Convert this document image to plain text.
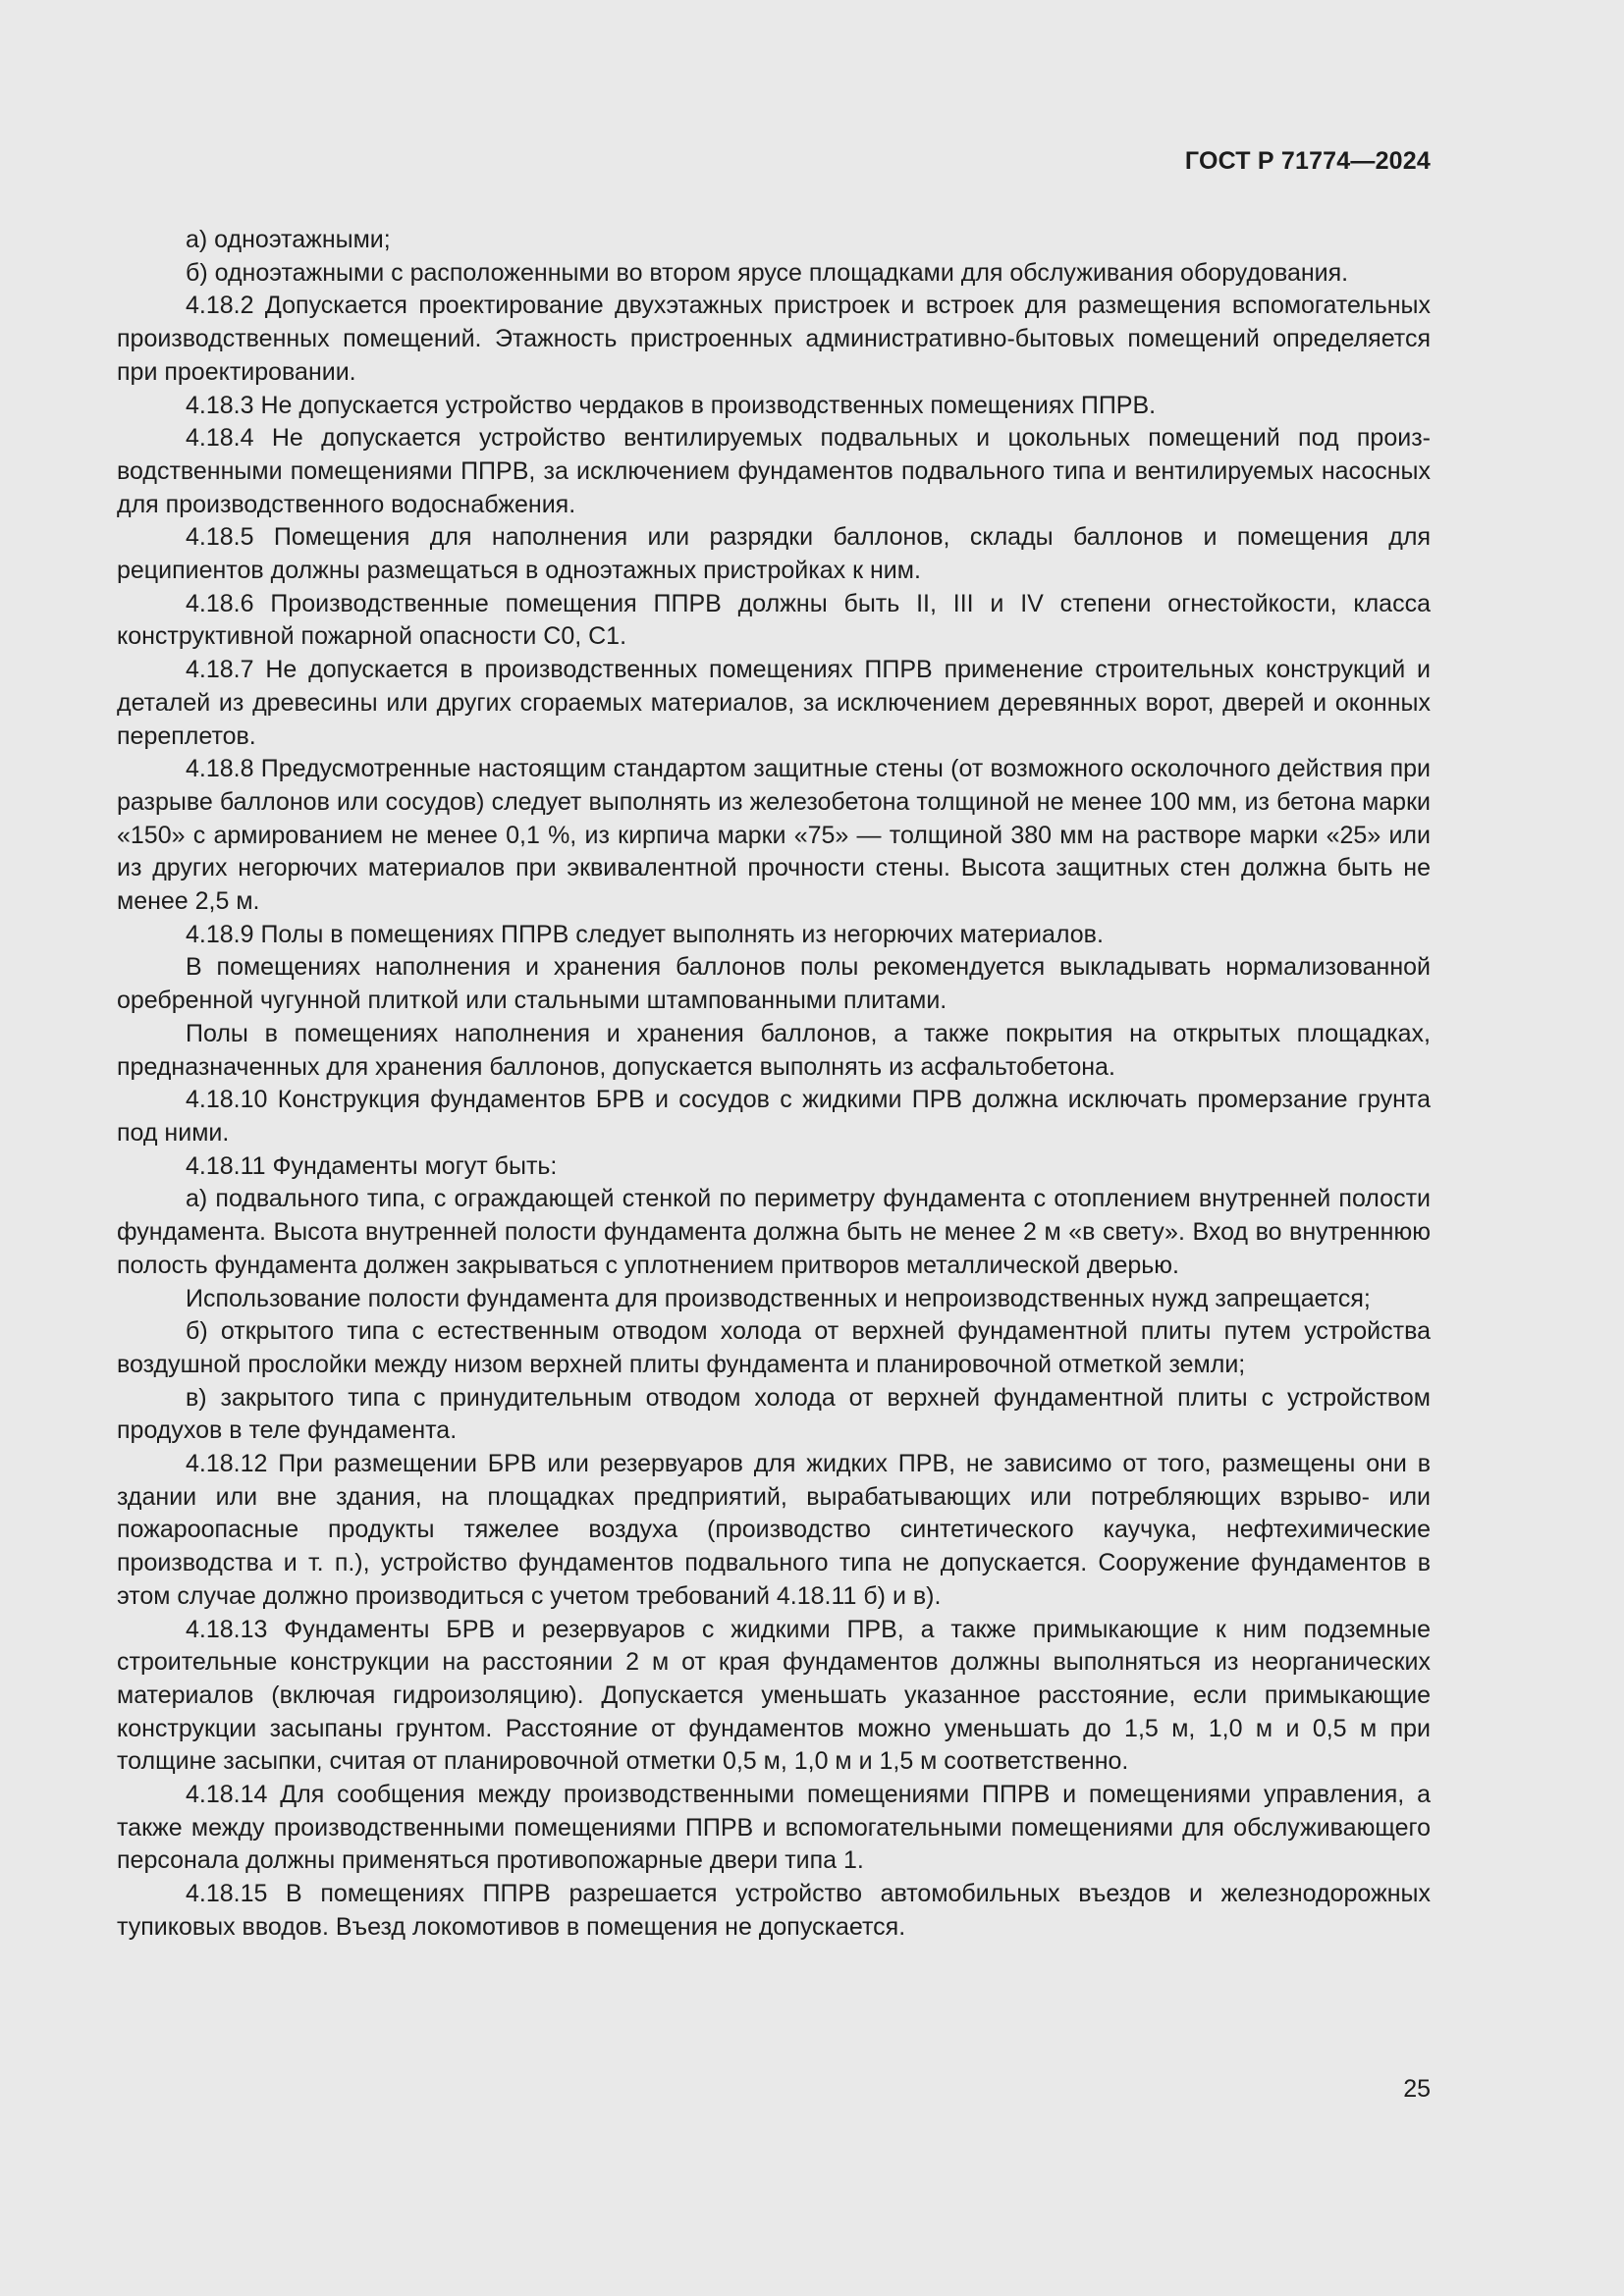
ГОСТ Р 71774—2024

а) одноэтажными;

б) одноэтажными с расположенными во втором ярусе площадками для обслуживания оборудования.

4.18.2 Допускается проектирование двухэтажных пристроек и встроек для размещения вспомогательных производственных помещений. Этажность пристроенных административно-бытовых помещений определяется при проектировании.

4.18.3 Не допускается устройство чердаков в производственных помещениях ППРВ.

4.18.4 Не допускается устройство вентилируемых подвальных и цокольных помещений под производственными помещениями ППРВ, за исключением фундаментов подвального типа и вентилируемых насосных для производственного водоснабжения.

4.18.5 Помещения для наполнения или разрядки баллонов, склады баллонов и помещения для реципиентов должны размещаться в одноэтажных пристройках к ним.

4.18.6 Производственные помещения ППРВ должны быть II, III и IV степени огнестойкости, класса конструктивной пожарной опасности С0, С1.

4.18.7 Не допускается в производственных помещениях ППРВ применение строительных конструкций и деталей из древесины или других сгораемых материалов, за исключением деревянных ворот, дверей и оконных переплетов.

4.18.8 Предусмотренные настоящим стандартом защитные стены (от возможного осколочного действия при разрыве баллонов или сосудов) следует выполнять из железобетона толщиной не менее 100 мм, из бетона марки «150» с армированием не менее 0,1 %, из кирпича марки «75» — толщиной 380 мм на растворе марки «25» или из других негорючих материалов при эквивалентной прочности стены. Высота защитных стен должна быть не менее 2,5 м.

4.18.9 Полы в помещениях ППРВ следует выполнять из негорючих материалов.

В помещениях наполнения и хранения баллонов полы рекомендуется выкладывать нормализованной оребренной чугунной плиткой или стальными штампованными плитами.

Полы в помещениях наполнения и хранения баллонов, а также покрытия на открытых площадках, предназначенных для хранения баллонов, допускается выполнять из асфальтобетона.

4.18.10 Конструкция фундаментов БРВ и сосудов с жидкими ПРВ должна исключать промерзание грунта под ними.

4.18.11 Фундаменты могут быть:

а) подвального типа, с ограждающей стенкой по периметру фундамента с отоплением внутренней полости фундамента. Высота внутренней полости фундамента должна быть не менее 2 м «в свету». Вход во внутреннюю полость фундамента должен закрываться с уплотнением притворов металлической дверью.

Использование полости фундамента для производственных и непроизводственных нужд запрещается;

б) открытого типа с естественным отводом холода от верхней фундаментной плиты путем устройства воздушной прослойки между низом верхней плиты фундамента и планировочной отметкой земли;

в) закрытого типа с принудительным отводом холода от верхней фундаментной плиты с устройством продухов в теле фундамента.

4.18.12 При размещении БРВ или резервуаров для жидких ПРВ, не зависимо от того, размещены они в здании или вне здания, на площадках предприятий, вырабатывающих или потребляющих взрыво- или пожароопасные продукты тяжелее воздуха (производство синтетического каучука, нефтехимические производства и т. п.), устройство фундаментов подвального типа не допускается. Сооружение фундаментов в этом случае должно производиться с учетом требований 4.18.11 б) и в).

4.18.13 Фундаменты БРВ и резервуаров с жидкими ПРВ, а также примыкающие к ним подземные строительные конструкции на расстоянии 2 м от края фундаментов должны выполняться из неорганических материалов (включая гидроизоляцию). Допускается уменьшать указанное расстояние, если примыкающие конструкции засыпаны грунтом. Расстояние от фундаментов можно уменьшать до 1,5 м, 1,0 м и 0,5 м при толщине засыпки, считая от планировочной отметки 0,5 м, 1,0 м и 1,5 м соответственно.

4.18.14 Для сообщения между производственными помещениями ППРВ и помещениями управления, а также между производственными помещениями ППРВ и вспомогательными помещениями для обслуживающего персонала должны применяться противопожарные двери типа 1.

4.18.15 В помещениях ППРВ разрешается устройство автомобильных въездов и железнодорожных тупиковых вводов. Въезд локомотивов в помещения не допускается.

25
